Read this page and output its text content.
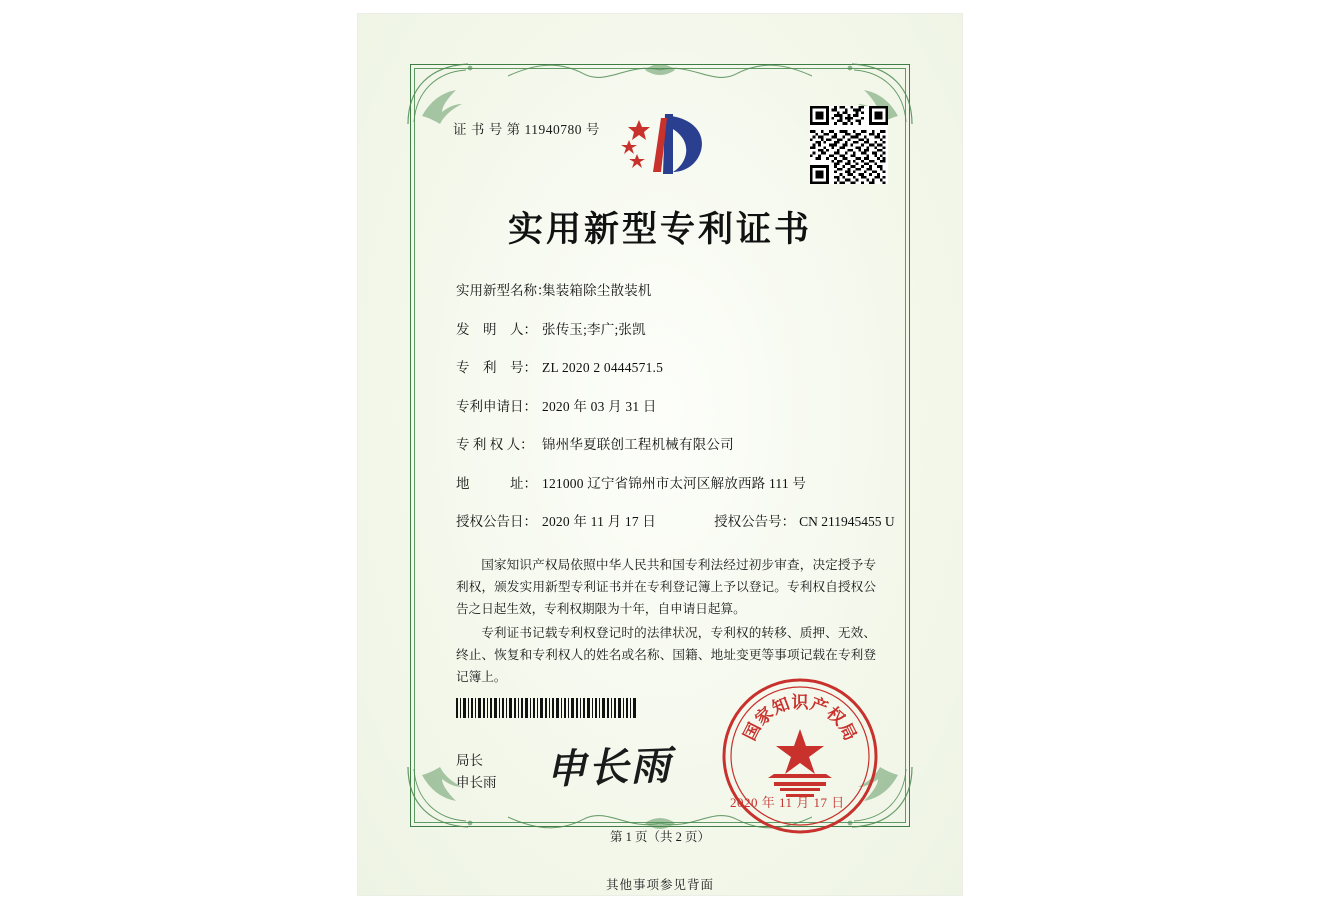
证 书 号 第 11940780 号
实用新型专利证书
实用新型名称：
集装箱除尘散装机
发　明　人： 张传玉;李广;张凯
专　利　号： ZL 2020 2 0444571.5
专利申请日： 2020 年 03 月 31 日
专 利 权 人： 锦州华夏联创工程机械有限公司
地　　　址： 121000 辽宁省锦州市太河区解放西路 111 号
授权公告日： 2020 年 11 月 17 日	授权公告号： CN 211945455 U

国家知识产权局依照中华人民共和国专利法经过初步审查，决定授予专利权，颁发实用新型专利证书并在专利登记簿上予以登记。专利权自授权公告之日起生效，专利权期限为十年，自申请日起算。

专利证书记载专利权登记时的法律状况，专利权的转移、质押、无效、终止、恢复和专利权人的姓名或名称、国籍、地址变更等事项记载在专利登记簿上。

局长
申长雨 申长雨
家
知
识
产
权
局
国
2020 年 11 月 17 日
第 1 页（共 2 页）
其他事项参见背面
